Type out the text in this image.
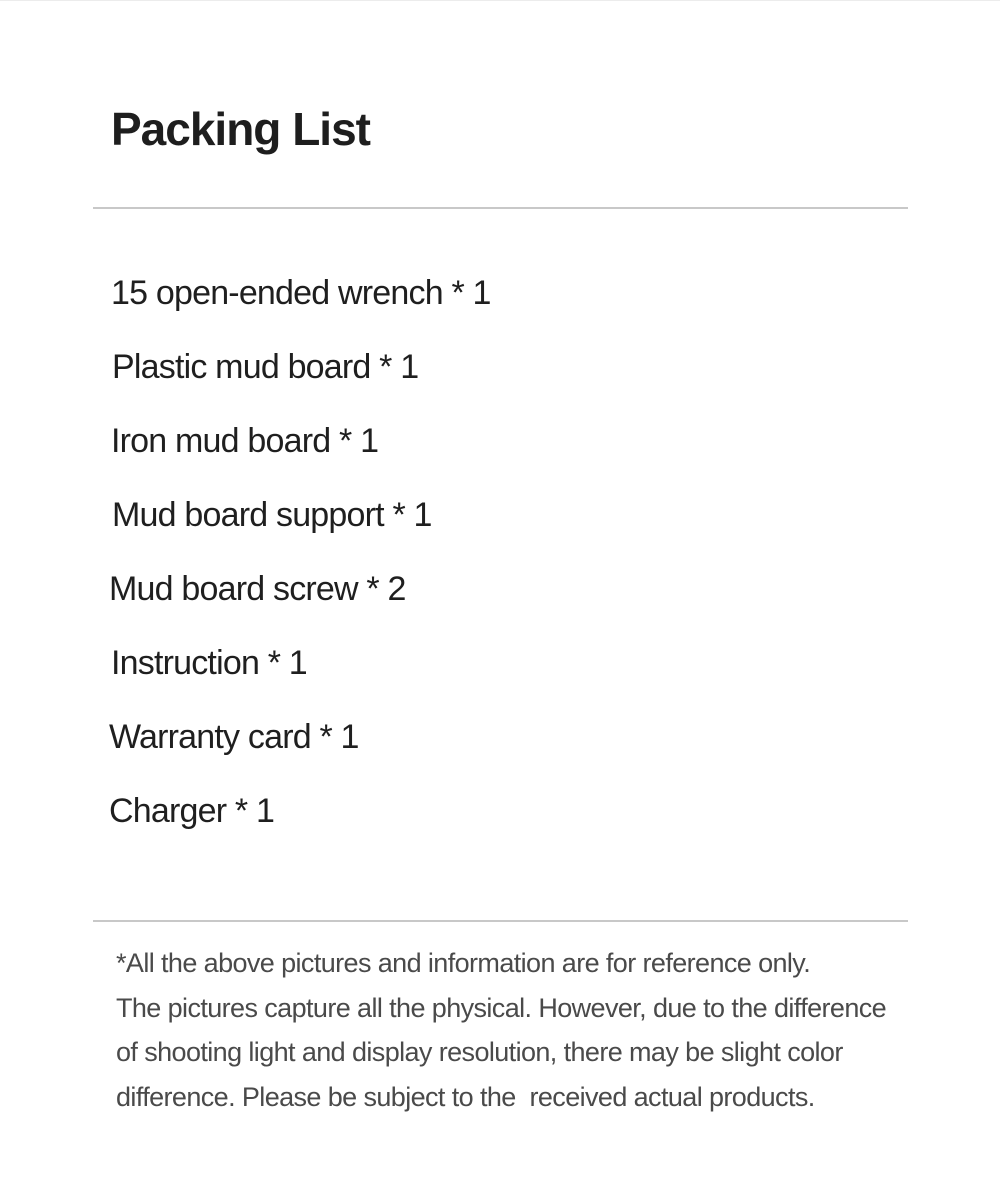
Packing List
15 open-ended wrench * 1
Plastic mud board * 1
Iron mud board * 1
Mud board support * 1
Mud board screw * 2
Instruction * 1
Warranty card * 1
Charger * 1

*All the above pictures and information are for reference only.
The pictures capture all the physical. However, due to the difference
of shooting light and display resolution, there may be slight color
difference. Please be subject to the  received actual products.
